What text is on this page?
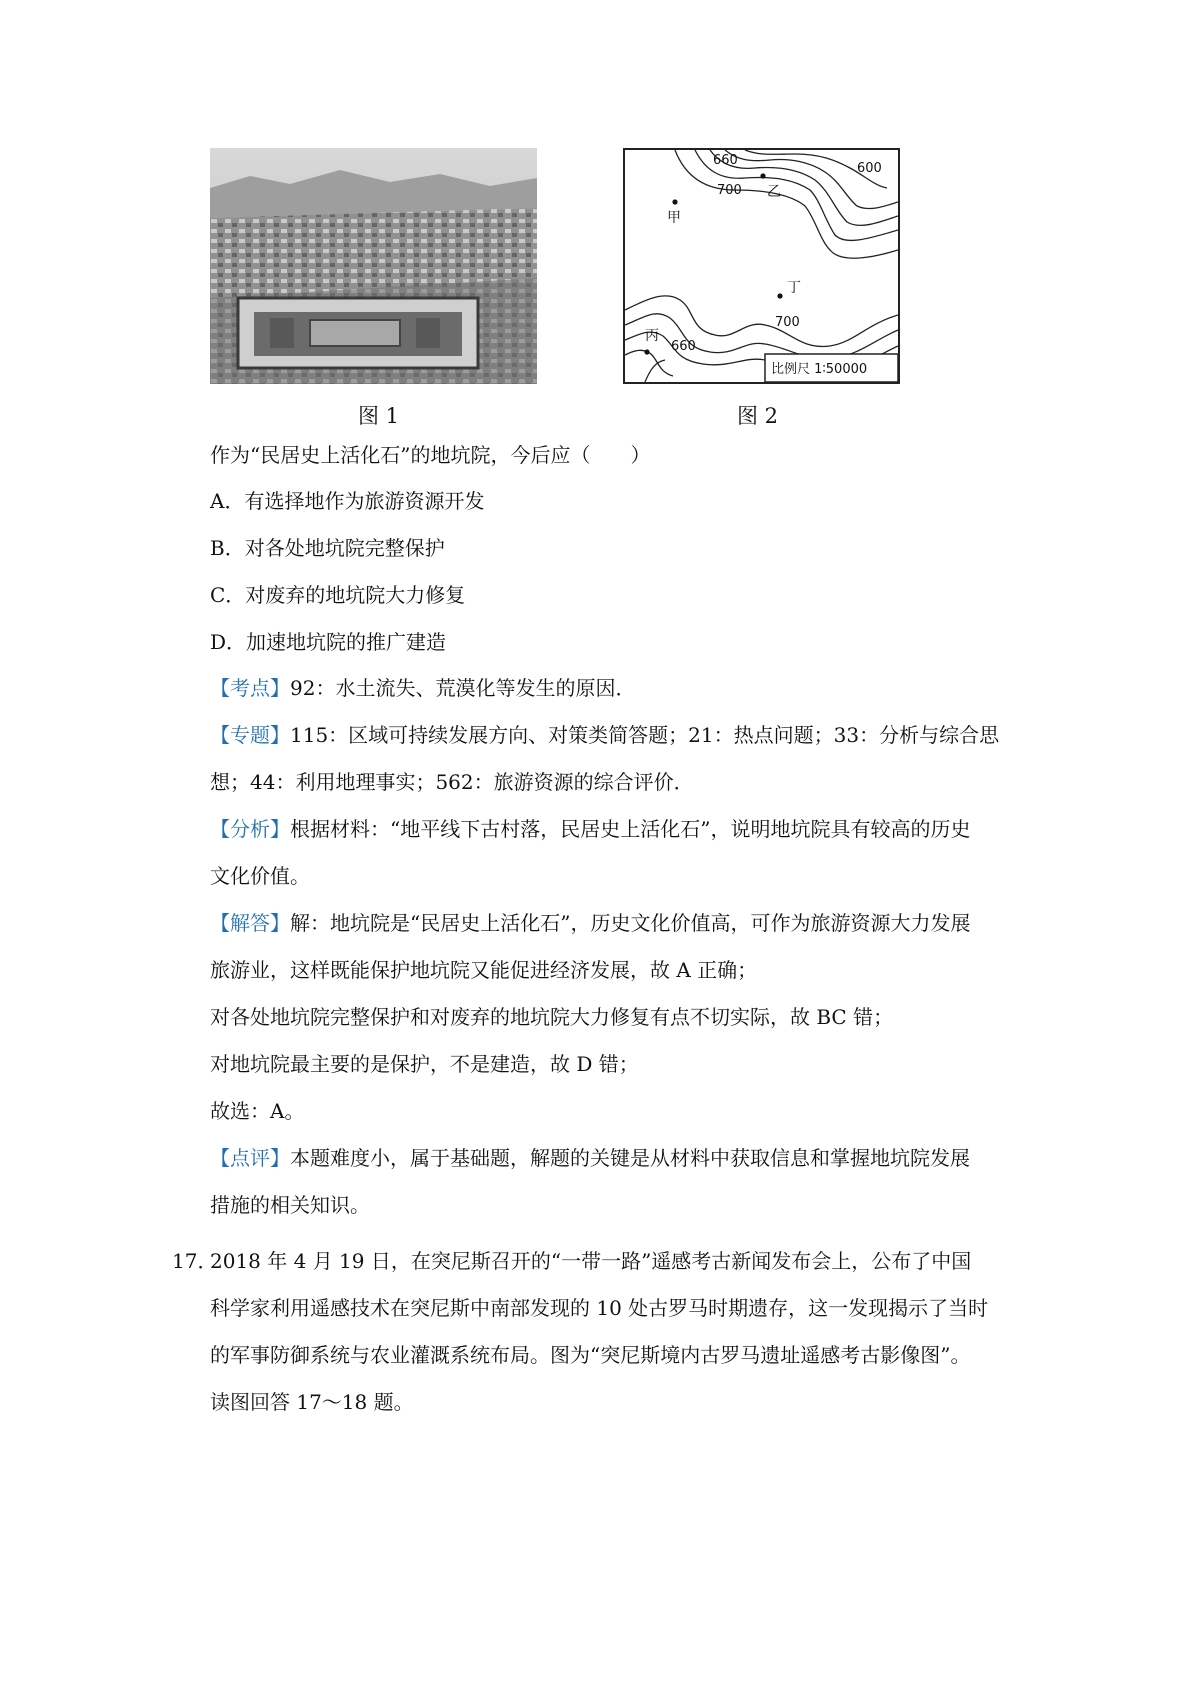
660
600
700 乙
甲
丁
700
丙
660
比例尺 1∶50000
图 1	图 2
作为“民居史上活化石”的地坑院，今后应（　　）
A．有选择地作为旅游资源开发
B．对各处地坑院完整保护
C．对废弃的地坑院大力修复
D．加速地坑院的推广建造
【考点】92：水土流失、荒漠化等发生的原因．
【专题】115：区域可持续发展方向、对策类简答题；21：热点问题；33：分析与综合思
想；44：利用地理事实；562：旅游资源的综合评价．
【分析】根据材料：“地平线下古村落，民居史上活化石”，说明地坑院具有较高的历史
文化价值。
【解答】解：地坑院是“民居史上活化石”，历史文化价值高，可作为旅游资源大力发展
旅游业，这样既能保护地坑院又能促进经济发展，故 A 正确；
对各处地坑院完整保护和对废弃的地坑院大力修复有点不切实际，故 BC 错；
对地坑院最主要的是保护，不是建造，故 D 错；
故选：A。
【点评】本题难度小，属于基础题，解题的关键是从材料中获取信息和掌握地坑院发展
措施的相关知识。
17．
2018 年 4 月 19 日，在突尼斯召开的“一带一路”遥感考古新闻发布会上，公布了中国
科学家利用遥感技术在突尼斯中南部发现的 10 处古罗马时期遗存，这一发现揭示了当时
的军事防御系统与农业灌溉系统布局。图为“突尼斯境内古罗马遗址遥感考古影像图”。
读图回答 17～18 题。
